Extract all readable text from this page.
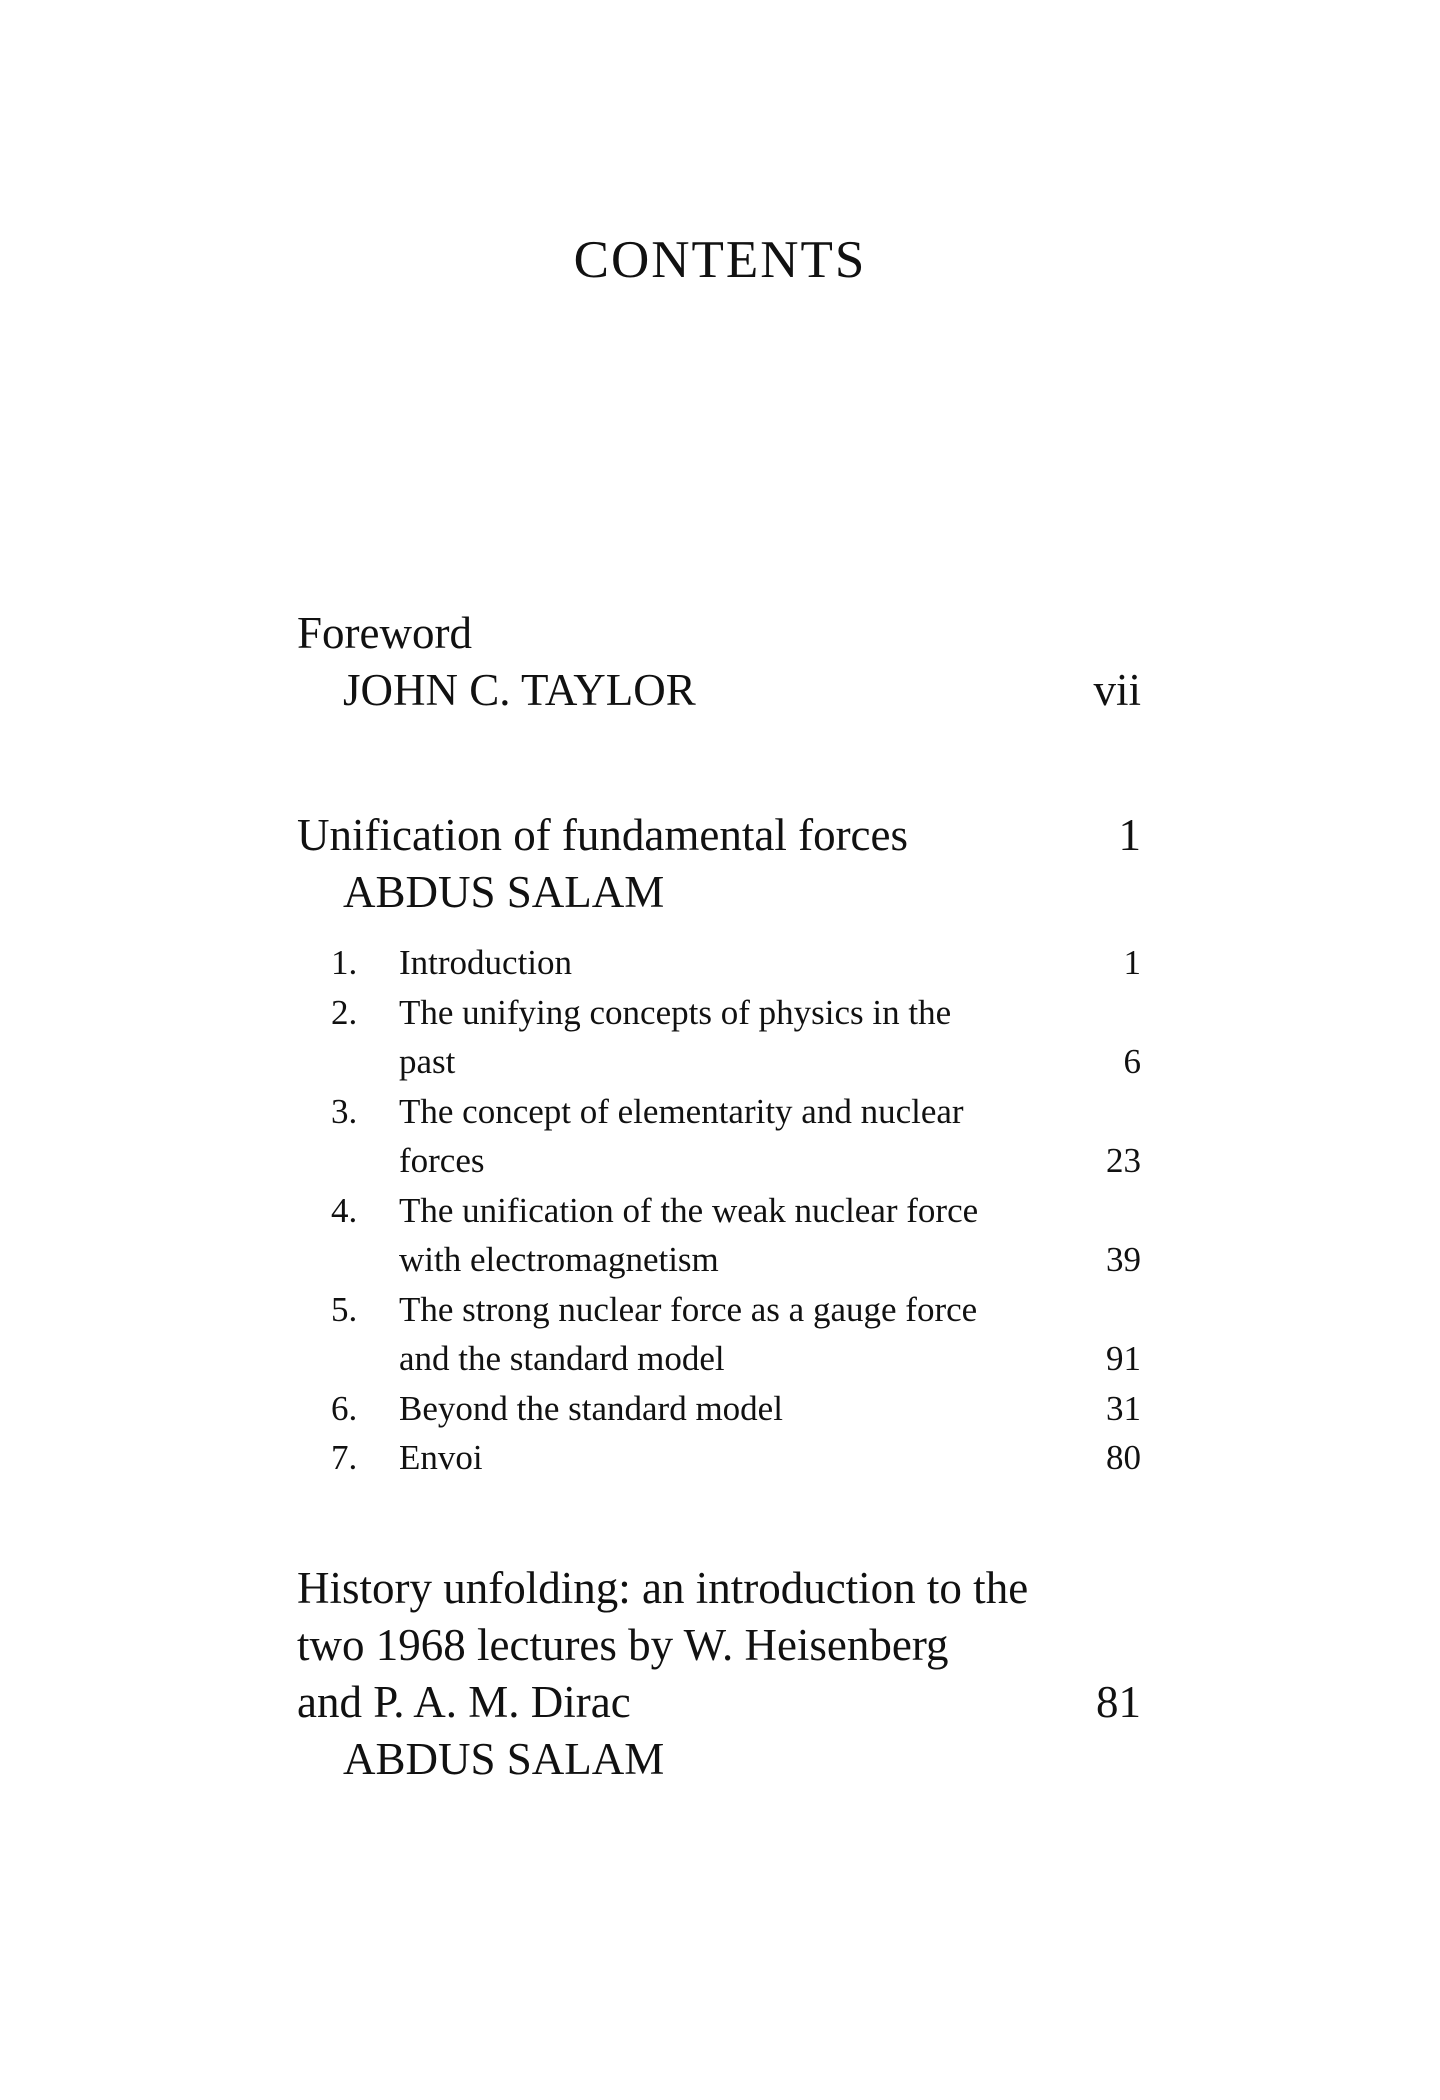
CONTENTS
Foreword
JOHN C. TAYLOR	vii
Unification of fundamental forces	1
ABDUS SALAM
1.	Introduction	1
2.	The unifying concepts of physics in the
past	6
3.	The concept of elementarity and nuclear
forces	23
4.	The unification of the weak nuclear force
with electromagnetism	39
5.	The strong nuclear force as a gauge force
and the standard model	91
6.	Beyond the standard model	31
7.	Envoi	80
History unfolding: an introduction to the
two 1968 lectures by W. Heisenberg
and P. A. M. Dirac	81
ABDUS SALAM
